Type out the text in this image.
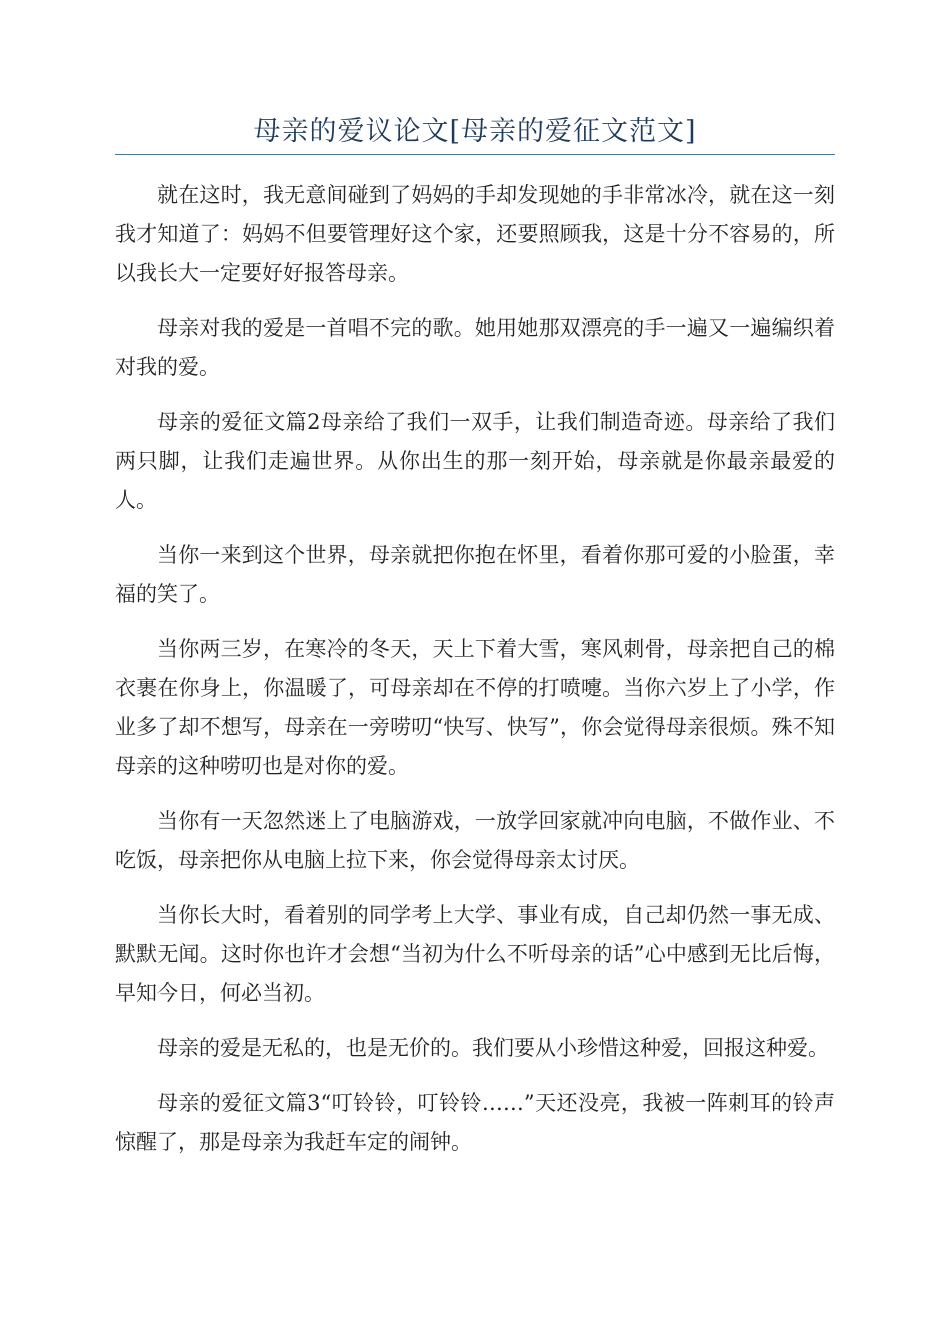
母亲的爱议论文[母亲的爱征文范文]

就在这时，我无意间碰到了妈妈的手却发现她的手非常冰冷，就在这一刻我才知道了：妈妈不但要管理好这个家，还要照顾我，这是十分不容易的，所以我长大一定要好好报答母亲。

母亲对我的爱是一首唱不完的歌。她用她那双漂亮的手一遍又一遍编织着对我的爱。

母亲的爱征文篇2母亲给了我们一双手，让我们制造奇迹。母亲给了我们两只脚，让我们走遍世界。从你出生的那一刻开始，母亲就是你最亲最爱的人。

当你一来到这个世界，母亲就把你抱在怀里，看着你那可爱的小脸蛋，幸福的笑了。

当你两三岁，在寒冷的冬天，天上下着大雪，寒风刺骨，母亲把自己的棉衣裹在你身上，你温暖了，可母亲却在不停的打喷嚏。当你六岁上了小学，作业多了却不想写，母亲在一旁唠叨“快写、快写”，你会觉得母亲很烦。殊不知母亲的这种唠叨也是对你的爱。

当你有一天忽然迷上了电脑游戏，一放学回家就冲向电脑，不做作业、不吃饭，母亲把你从电脑上拉下来，你会觉得母亲太讨厌。

当你长大时，看着别的同学考上大学、事业有成，自己却仍然一事无成、默默无闻。这时你也许才会想“当初为什么不听母亲的话”心中感到无比后悔，早知今日，何必当初。

母亲的爱是无私的，也是无价的。我们要从小珍惜这种爱，回报这种爱。

母亲的爱征文篇3“叮铃铃，叮铃铃……”天还没亮，我被一阵刺耳的铃声惊醒了，那是母亲为我赶车定的闹钟。
